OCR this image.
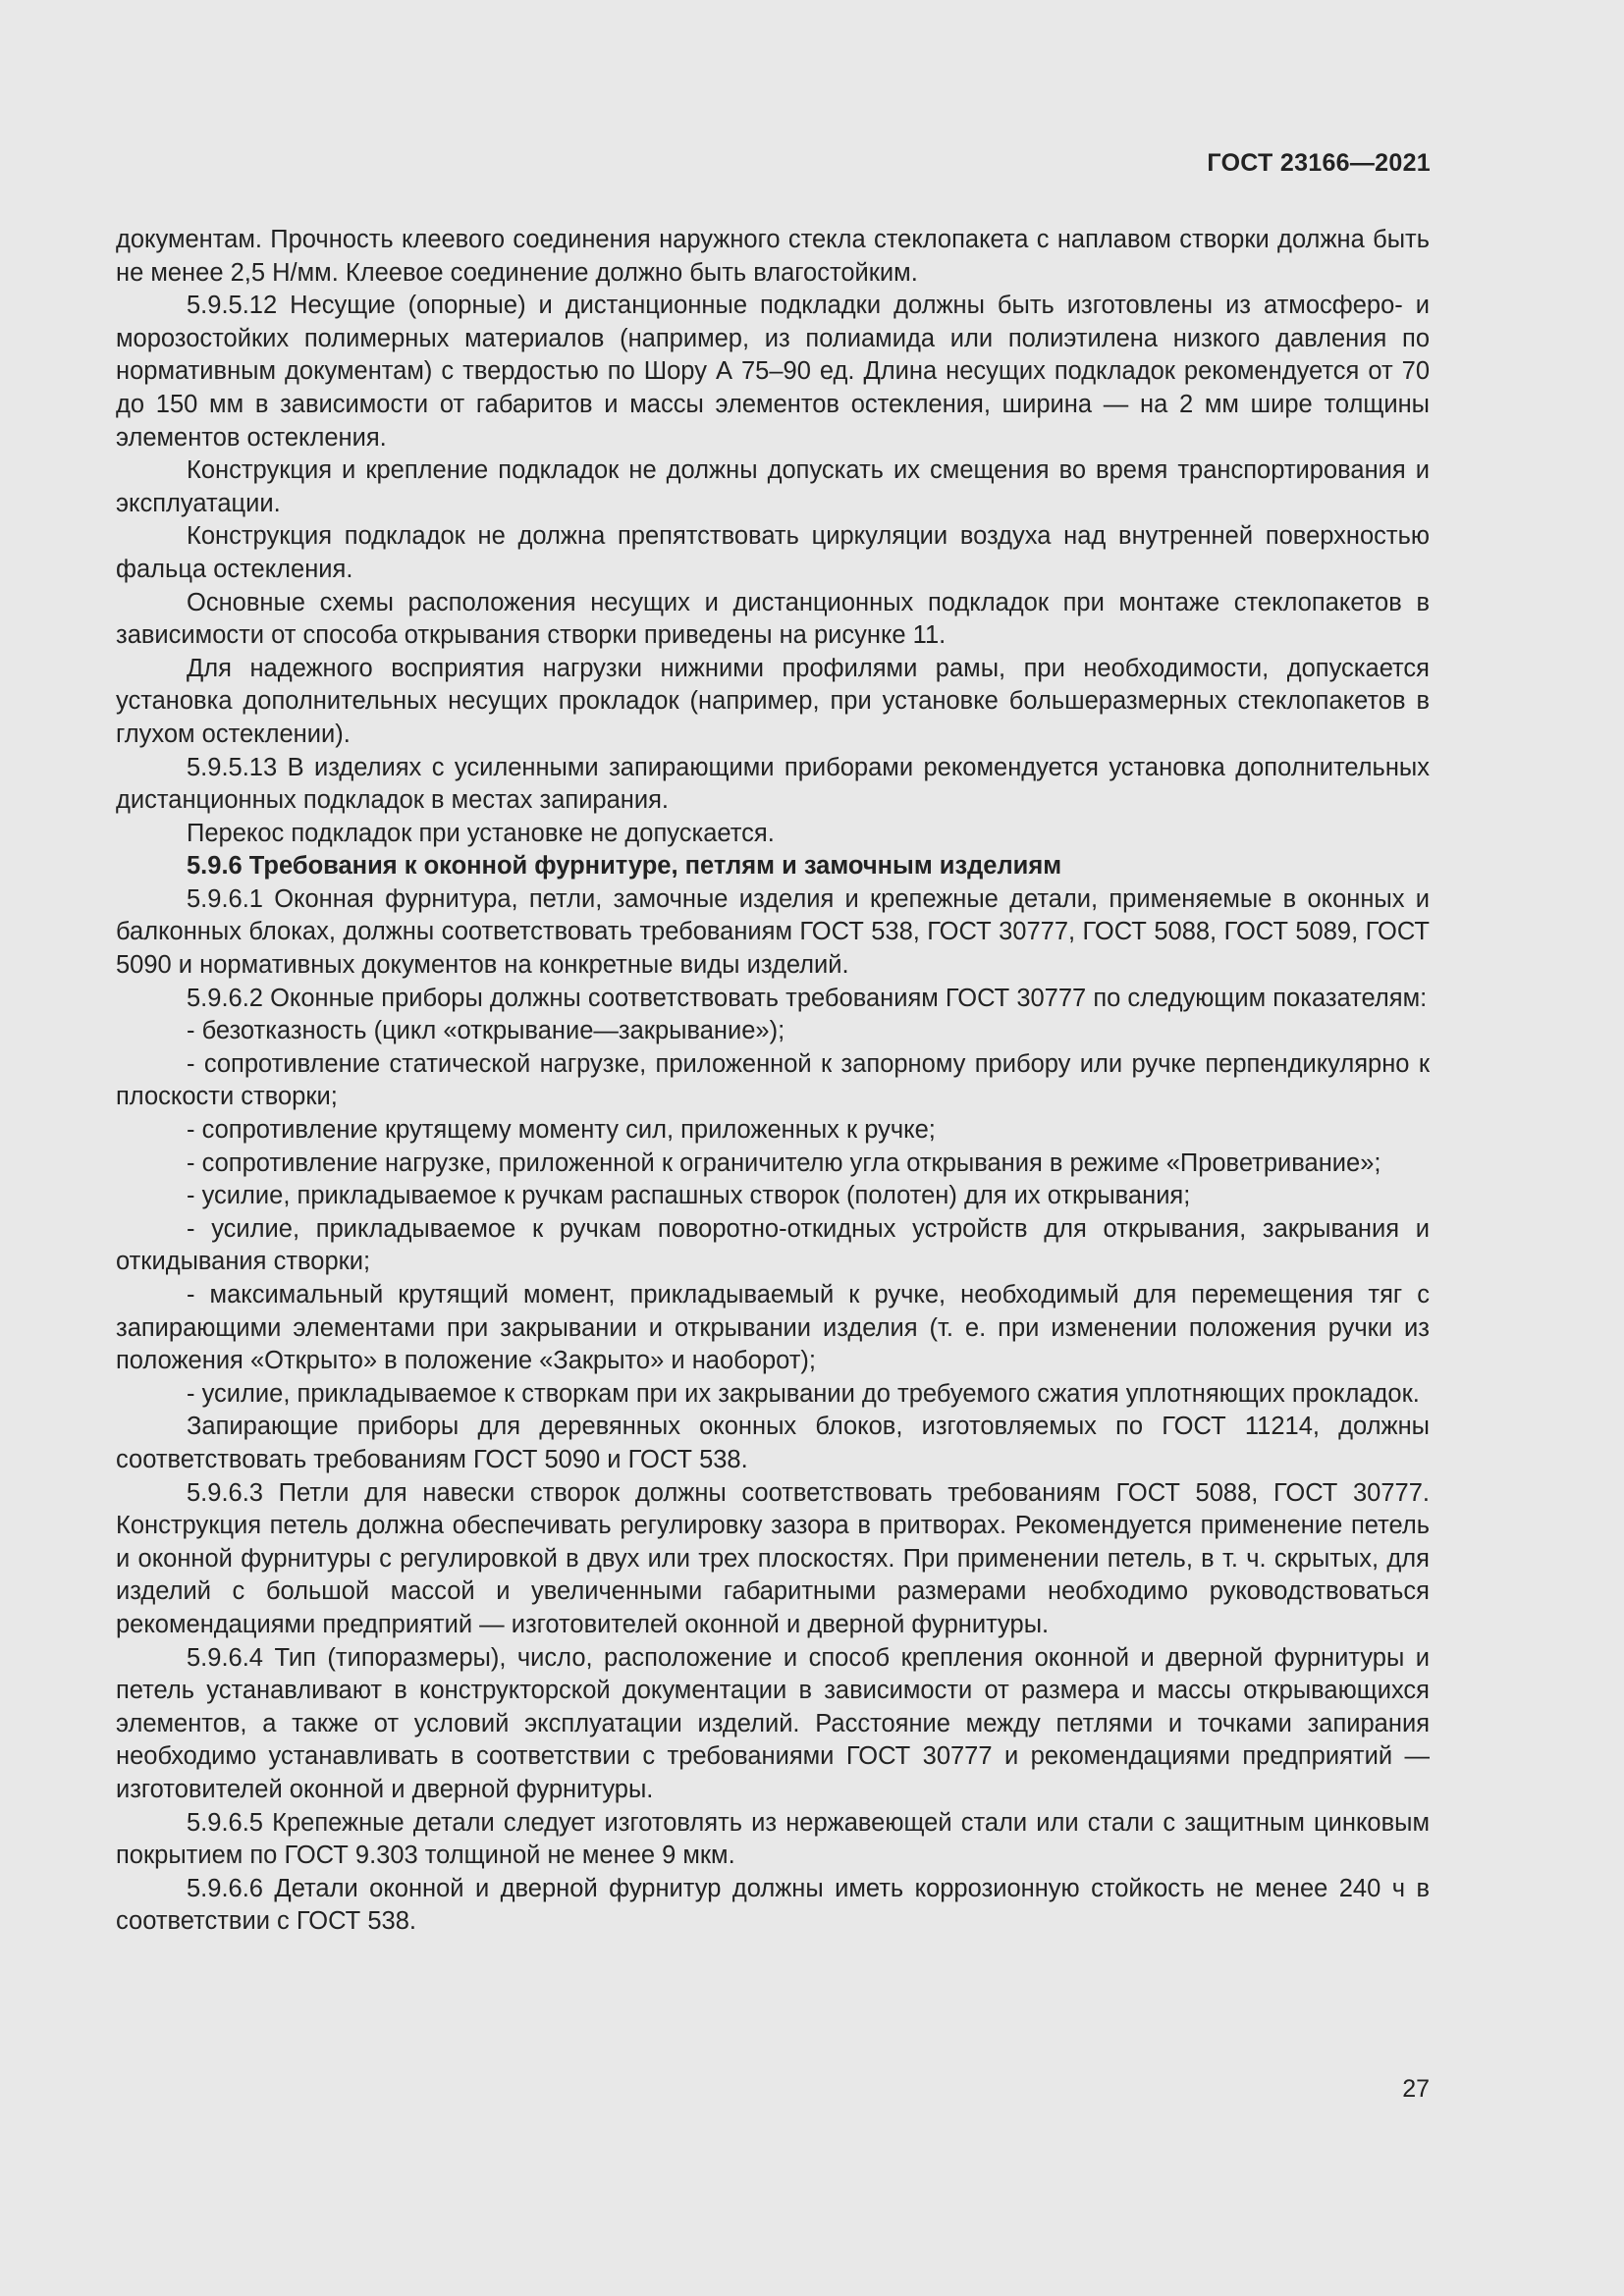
ГОСТ 23166—2021

документам. Прочность клеевого соединения наружного стекла стеклопакета с наплавом створки должна быть не менее 2,5 Н/мм. Клеевое соединение должно быть влагостойким.

5.9.5.12 Несущие (опорные) и дистанционные подкладки должны быть изготовлены из атмосферо- и морозостойких полимерных материалов (например, из полиамида или полиэтилена низкого давления по нормативным документам) с твердостью по Шору А 75–90 ед. Длина несущих подкладок рекомендуется от 70 до 150 мм в зависимости от габаритов и массы элементов остекления, ширина — на 2 мм шире толщины элементов остекления.

Конструкция и крепление подкладок не должны допускать их смещения во время транспортирования и эксплуатации.

Конструкция подкладок не должна препятствовать циркуляции воздуха над внутренней поверхностью фальца остекления.

Основные схемы расположения несущих и дистанционных подкладок при монтаже стеклопакетов в зависимости от способа открывания створки приведены на рисунке 11.

Для надежного восприятия нагрузки нижними профилями рамы, при необходимости, допускается установка дополнительных несущих прокладок (например, при установке большеразмерных стеклопакетов в глухом остеклении).

5.9.5.13 В изделиях с усиленными запирающими приборами рекомендуется установка дополнительных дистанционных подкладок в местах запирания.

Перекос подкладок при установке не допускается.

5.9.6 Требования к оконной фурнитуре, петлям и замочным изделиям

5.9.6.1 Оконная фурнитура, петли, замочные изделия и крепежные детали, применяемые в оконных и балконных блоках, должны соответствовать требованиям ГОСТ 538, ГОСТ 30777, ГОСТ 5088, ГОСТ 5089, ГОСТ 5090 и нормативных документов на конкретные виды изделий.

5.9.6.2 Оконные приборы должны соответствовать требованиям ГОСТ 30777 по следующим показателям:

- безотказность (цикл «открывание—закрывание»);

- сопротивление статической нагрузке, приложенной к запорному прибору или ручке перпендикулярно к плоскости створки;

- сопротивление крутящему моменту сил, приложенных к ручке;

- сопротивление нагрузке, приложенной к ограничителю угла открывания в режиме «Проветривание»;

- усилие, прикладываемое к ручкам распашных створок (полотен) для их открывания;

- усилие, прикладываемое к ручкам поворотно-откидных устройств для открывания, закрывания и откидывания створки;

- максимальный крутящий момент, прикладываемый к ручке, необходимый для перемещения тяг с запирающими элементами при закрывании и открывании изделия (т. е. при изменении положения ручки из положения «Открыто» в положение «Закрыто» и наоборот);

- усилие, прикладываемое к створкам при их закрывании до требуемого сжатия уплотняющих прокладок.

Запирающие приборы для деревянных оконных блоков, изготовляемых по ГОСТ 11214, должны соответствовать требованиям ГОСТ 5090 и ГОСТ 538.

5.9.6.3 Петли для навески створок должны соответствовать требованиям ГОСТ 5088, ГОСТ 30777. Конструкция петель должна обеспечивать регулировку зазора в притворах. Рекомендуется применение петель и оконной фурнитуры с регулировкой в двух или трех плоскостях. При применении петель, в т. ч. скрытых, для изделий с большой массой и увеличенными габаритными размерами необходимо руководствоваться рекомендациями предприятий — изготовителей оконной и дверной фурнитуры.

5.9.6.4 Тип (типоразмеры), число, расположение и способ крепления оконной и дверной фурнитуры и петель устанавливают в конструкторской документации в зависимости от размера и массы открывающихся элементов, а также от условий эксплуатации изделий. Расстояние между петлями и точками запирания необходимо устанавливать в соответствии с требованиями ГОСТ 30777 и рекомендациями предприятий — изготовителей оконной и дверной фурнитуры.

5.9.6.5 Крепежные детали следует изготовлять из нержавеющей стали или стали с защитным цинковым покрытием по ГОСТ 9.303 толщиной не менее 9 мкм.

5.9.6.6 Детали оконной и дверной фурнитур должны иметь коррозионную стойкость не менее 240 ч в соответствии с ГОСТ 538.

27
